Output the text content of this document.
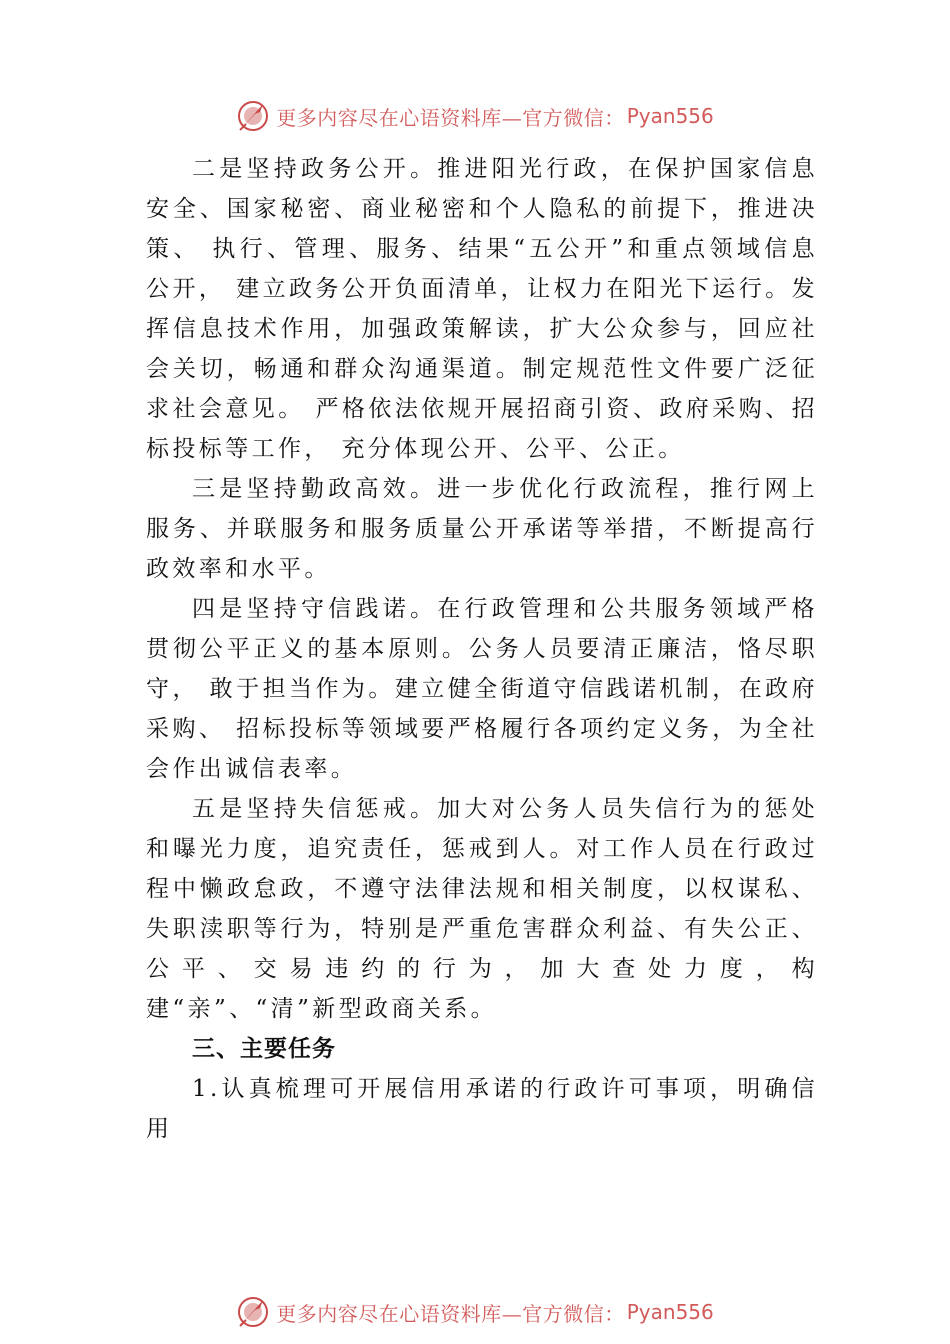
更多内容尽在心语资料库—官方微信： Pyan556

二是坚持政务公开。推进阳光行政，在保护国家信息安全、国家秘密、商业秘密和个人隐私的前提下，推进决策、 执行、管理、服务、结果“五公开”和重点领域信息公开， 建立政务公开负面清单，让权力在阳光下运行。发挥信息技术作用，加强政策解读，扩大公众参与，回应社会关切，畅通和群众沟通渠道。制定规范性文件要广泛征求社会意见。 严格依法依规开展招商引资、政府采购、招标投标等工作， 充分体现公开、公平、公正。

三是坚持勤政高效。进一步优化行政流程，推行网上服务、并联服务和服务质量公开承诺等举措，不断提高行政效率和水平。

四是坚持守信践诺。在行政管理和公共服务领域严格贯彻公平正义的基本原则。公务人员要清正廉洁，恪尽职守， 敢于担当作为。建立健全街道守信践诺机制，在政府采购、 招标投标等领域要严格履行各项约定义务，为全社会作出诚信表率。

五是坚持失信惩戒。加大对公务人员失信行为的惩处和曝光力度，追究责任，惩戒到人。对工作人员在行政过程中懒政怠政，不遵守法律法规和相关制度，以权谋私、失职渎职等行为，特别是严重危害群众利益、有失公正、公平、交易违约的行为，加大查处力度，构建“亲”、“清”新型政商关系。

三、主要任务

1.认真梳理可开展信用承诺的行政许可事项，明确信用

更多内容尽在心语资料库—官方微信： Pyan556
